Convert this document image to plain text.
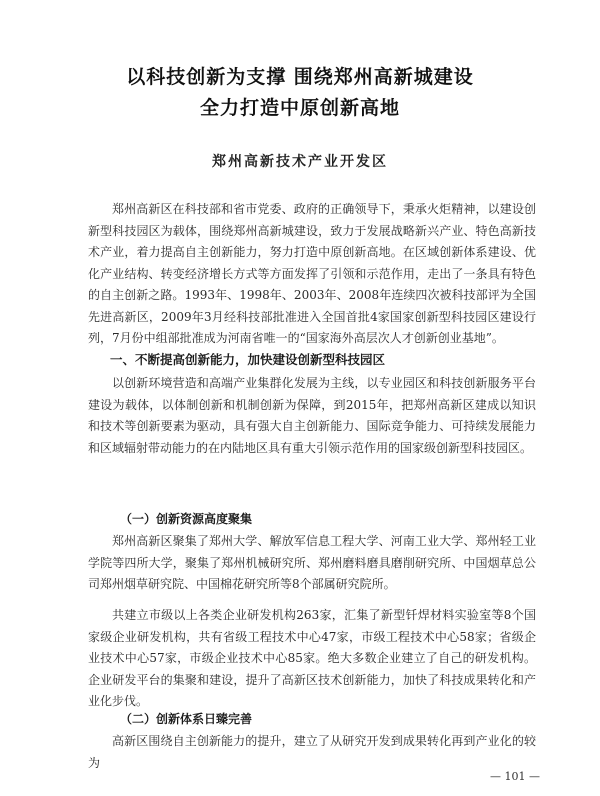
以科技创新为支撑 围绕郑州高新城建设
全力打造中原创新高地
郑州高新技术产业开发区
郑州高新区在科技部和省市党委、政府的正确领导下，秉承火炬精神，以建设创新型科技园区为载体，围绕郑州高新城建设，致力于发展战略新兴产业、特色高新技术产业，着力提高自主创新能力，努力打造中原创新高地。在区域创新体系建设、优化产业结构、转变经济增长方式等方面发挥了引领和示范作用，走出了一条具有特色的自主创新之路。1993年、1998年、2003年、2008年连续四次被科技部评为全国先进高新区，2009年3月经科技部批准进入全国首批4家国家创新型科技园区建设行列，7月份中组部批准成为河南省唯一的“国家海外高层次人才创新创业基地”。
一、不断提高创新能力，加快建设创新型科技园区
以创新环境营造和高端产业集群化发展为主线，以专业园区和科技创新服务平台建设为载体，以体制创新和机制创新为保障，到2015年，把郑州高新区建成以知识和技术等创新要素为驱动，具有强大自主创新能力、国际竞争能力、可持续发展能力和区域辐射带动能力的在内陆地区具有重大引领示范作用的国家级创新型科技园区。
（一）创新资源高度聚集
郑州高新区聚集了郑州大学、解放军信息工程大学、河南工业大学、郑州轻工业学院等四所大学，聚集了郑州机械研究所、郑州磨料磨具磨削研究所、中国烟草总公司郑州烟草研究院、中国棉花研究所等8个部属研究院所。
共建立市级以上各类企业研发机构263家，汇集了新型钎焊材料实验室等8个国家级企业研发机构，共有省级工程技术中心47家，市级工程技术中心58家；省级企业技术中心57家，市级企业技术中心85家。绝大多数企业建立了自己的研发机构。企业研发平台的集聚和建设，提升了高新区技术创新能力，加快了科技成果转化和产业化步伐。
（二）创新体系日臻完善
高新区围绕自主创新能力的提升，建立了从研究开发到成果转化再到产业化的较为
— 101 —
